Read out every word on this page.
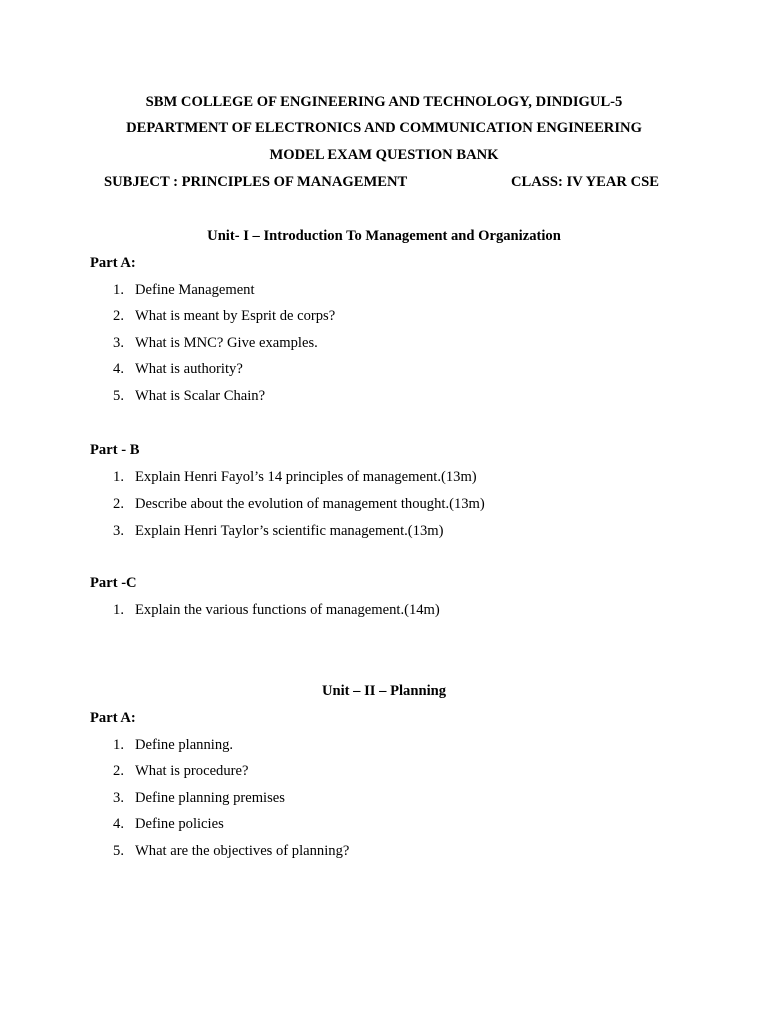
SBM COLLEGE OF ENGINEERING AND TECHNOLOGY, DINDIGUL-5
DEPARTMENT OF ELECTRONICS AND COMMUNICATION ENGINEERING
MODEL EXAM QUESTION BANK
SUBJECT : PRINCIPLES OF MANAGEMENT	CLASS: IV YEAR CSE
Unit- I – Introduction To Management and Organization
Part A:
1. Define Management
2. What is meant by Esprit de corps?
3. What is MNC? Give examples.
4. What is authority?
5. What is Scalar Chain?
Part - B
1. Explain Henri Fayol’s 14 principles of management.(13m)
2. Describe about the evolution of management thought.(13m)
3. Explain Henri Taylor’s scientific management.(13m)
Part -C
1. Explain the various functions of management.(14m)
Unit – II – Planning
Part A:
1. Define planning.
2. What is procedure?
3. Define planning premises
4. Define policies
5. What are the objectives of planning?
